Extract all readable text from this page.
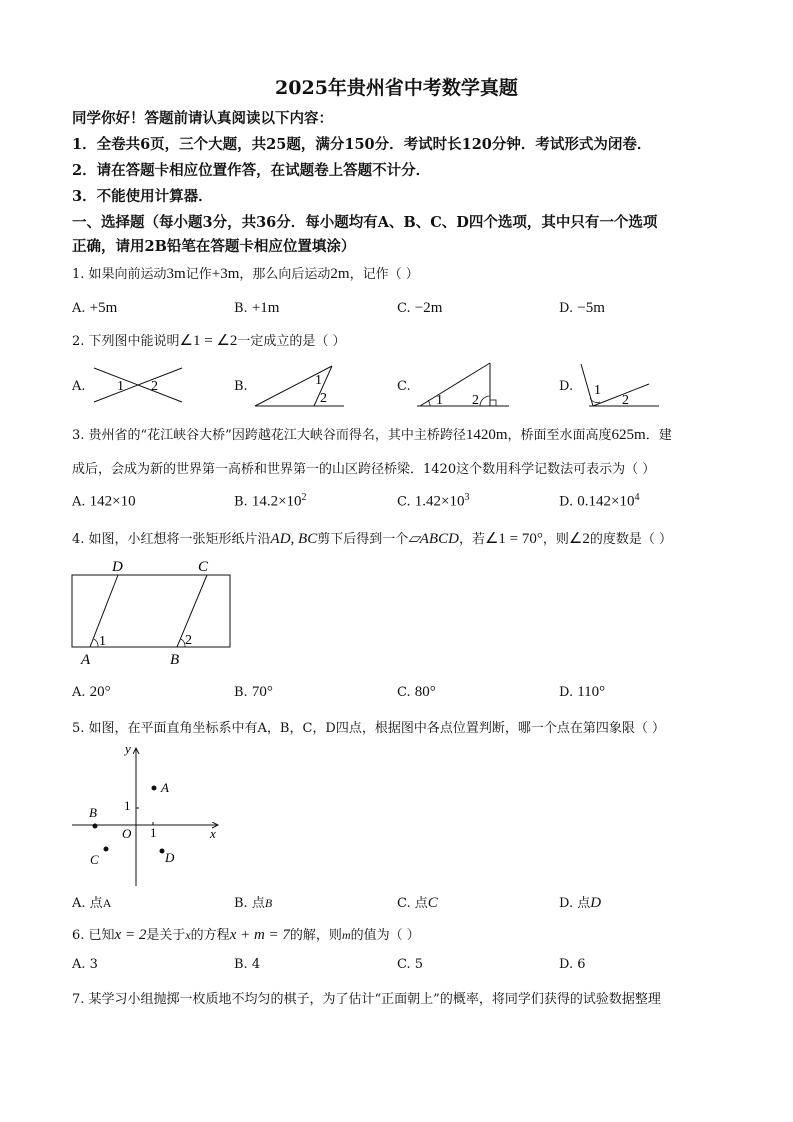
2025年贵州省中考数学真题
同学你好！答题前请认真阅读以下内容：
1．全卷共6页，三个大题，共25题，满分150分．考试时长120分钟．考试形式为闭卷．
2．请在答题卡相应位置作答，在试题卷上答题不计分．
3．不能使用计算器．
一、选择题（每小题3分，共36分．每小题均有A、B、C、D四个选项，其中只有一个选项
正确，请用2B铅笔在答题卡相应位置填涂）
1. 如果向前运动3m记作+3m，那么向后运动2m，记作（ ）
A. +5m	B. +1m	C. −2m	D. −5m
2. 下列图中能说明∠1 = ∠2一定成立的是（ ）
A.	B.	C.	D.
1 2	1
2	1 2
1
2
3. 贵州省的“花江峡谷大桥”因跨越花江大峡谷而得名，其中主桥跨径1420m，桥面至水面高度625m．建
成后，会成为新的世界第一高桥和世界第一的山区跨径桥梁．1420这个数用科学记数法可表示为（ ）
A. 142×10	B. $14.2\times 10^2$	C. $1.42\times 10^3$	D. $0.142\times 10^4$
4. 如图，小红想将一张矩形纸片沿AD, BC剪下后得到一个▱ABCD，若∠1 = 70°，则∠2的度数是（ ）
D	C
A	B
1	2
A. 20°	B. 70°	C. 80°	D. 110°
5. 如图，在平面直角坐标系中有A，B，C，D四点，根据图中各点位置判断，哪一个点在第四象限（ ）
y
x
O
1
1
A
B
C	D
A. 点A	B. 点B	C. 点C	D. 点D
6. 已知x = 2是关于x的方程x + m = 7的解，则m的值为（ ）
A. 3	B. 4	C. 5	D. 6
7. 某学习小组抛掷一枚质地不均匀的棋子，为了估计“正面朝上”的概率，将同学们获得的试验数据整理
